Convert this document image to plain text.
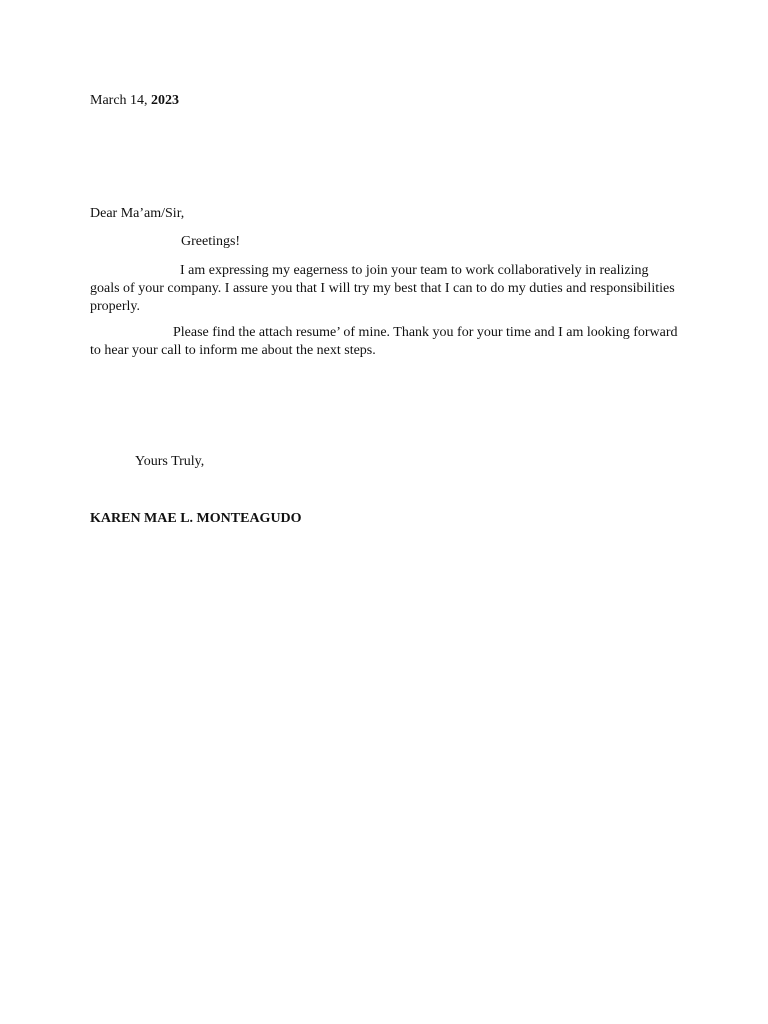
March 14, 2023
Dear Ma’am/Sir,
Greetings!
I am expressing my eagerness to join your team to work collaboratively in realizing goals of your company. I assure you that I will try my best that I can to do my duties and responsibilities properly.
Please find the attach resume’ of mine. Thank you for your time and I am looking forward to hear your call to inform me about the next steps.
Yours Truly,
KAREN MAE L. MONTEAGUDO
